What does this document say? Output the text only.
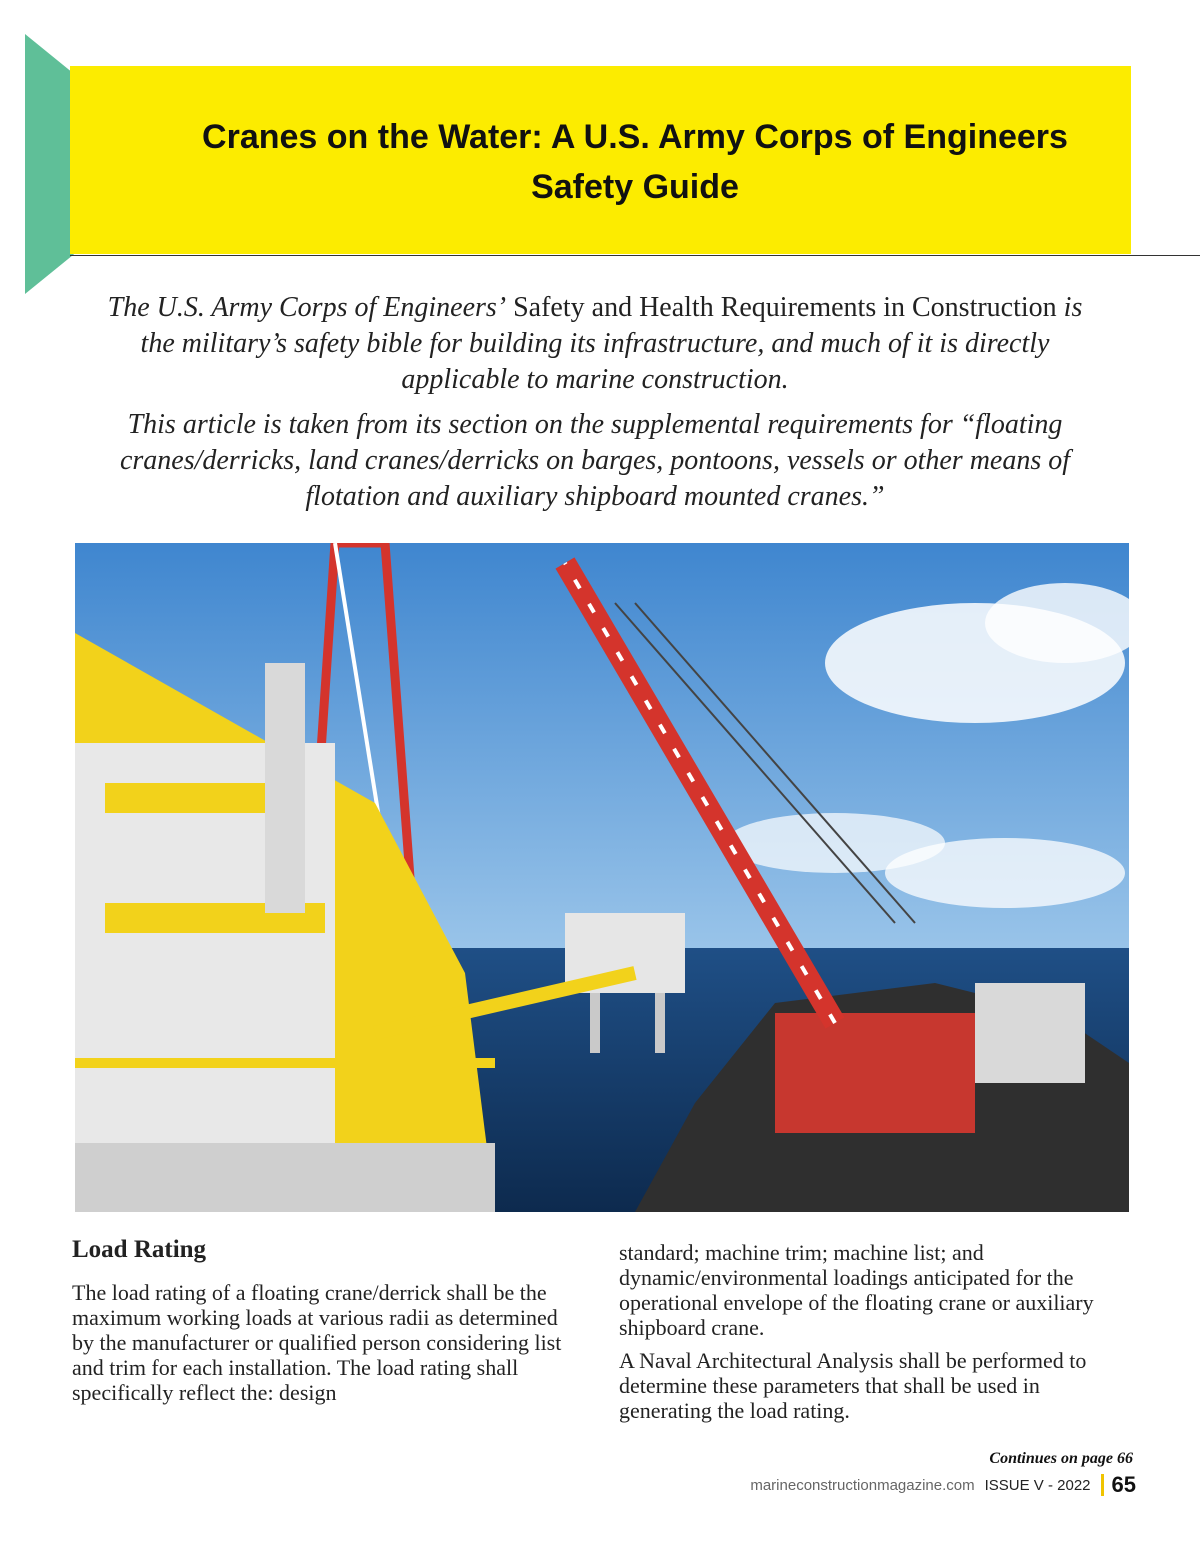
Cranes on the Water: A U.S. Army Corps of Engineers Safety Guide

The U.S. Army Corps of Engineers’ Safety and Health Requirements in Construction is the military’s safety bible for building its infrastructure, and much of it is directly applicable to marine construction.

This article is taken from its section on the supplemental requirements for “floating cranes/derricks, land cranes/derricks on barges, pontoons, vessels or other means of flotation and auxiliary shipboard mounted cranes.”

Load Rating

The load rating of a floating crane/derrick shall be the maximum working loads at various radii as determined by the manufacturer or qualified person considering list and trim for each installation. The load rating shall specifically reflect the: design

standard; machine trim; machine list; and dynamic/environmental loadings anticipated for the operational envelope of the floating crane or auxiliary shipboard crane.

A Naval Architectural Analysis shall be performed to determine these parameters that shall be used in generating the load rating.

Continues on page 66
marineconstructionmagazine.com ISSUE V - 2022 65
